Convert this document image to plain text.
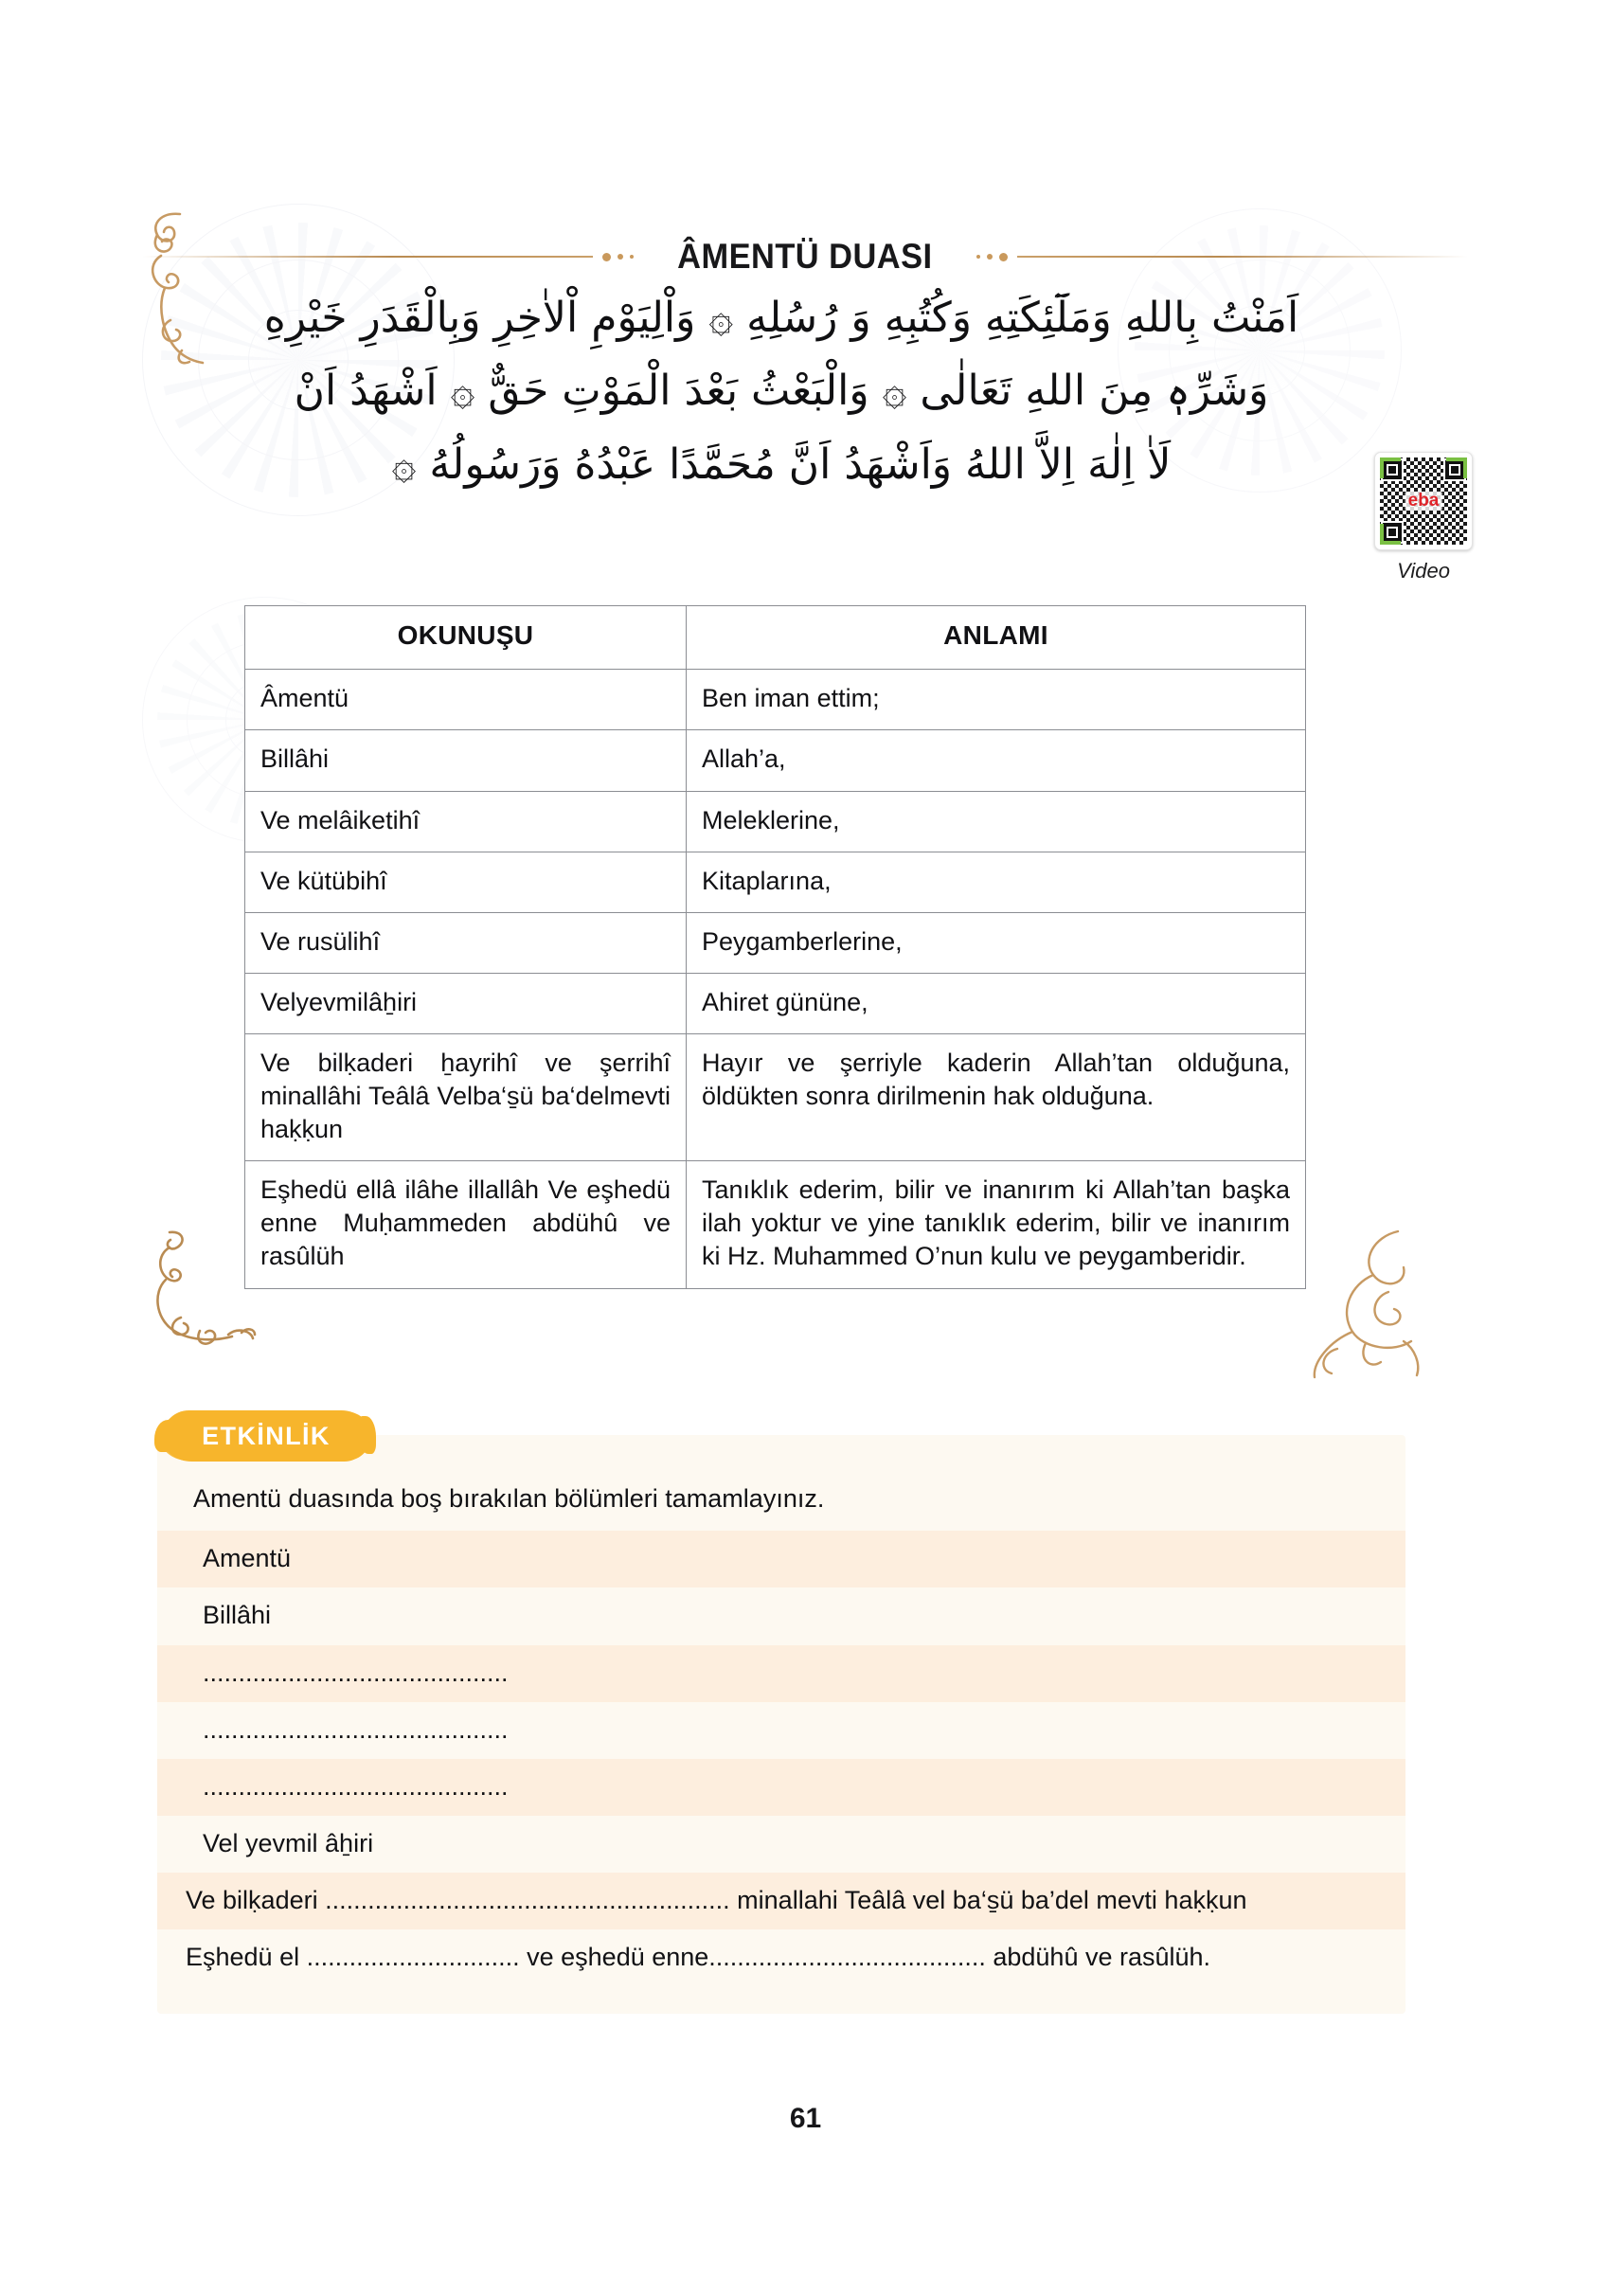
ÂMENTÜ DUASI
اَمَنْتُ بِاللهِ وَمَلَٓئِكَتِهِ وَكُتُبِهِ وَ رُسُلِهِ ۞ وَاْلِيَوْمِ اْلاٰخِرِ وَبِالْقَدَرِ خَيْرِهِ
وَشَرِّهٖ مِنَ اللهِ تَعَالٰى ۞ وَالْبَعْثُ بَعْدَ الْمَوْتِ حَقٌّ ۞ اَشْهَدُ اَنْ
لَاٰ اِلٰهَ اِلاَّ اللهُ وَاَشْهَدُ اَنَّ مُحَمَّدًا عَبْدُهُ وَرَسُولُهُ ۞
eba
Video
OKUNUŞU	ANLAMI
Âmentü	Ben iman ettim;
Billâhi	Allah’a,
Ve melâiketihî	Meleklerine,
Ve kütübihî	Kitaplarına,
Ve rusülihî	Peygamberlerine,
Velyevmilâẖiri	Ahiret gününe,
Ve bilḳaderi ẖayrihî ve şerrihî minallâhi Teâlâ Velba‘s̱ü ba‘delmevti haḳḳun	Hayır ve şerriyle kaderin Allah’tan olduğuna, öldükten sonra dirilmenin hak olduğuna.
Eşhedü ellâ ilâhe illallâh Ve eşhedü enne Muḥammeden abdühû ve rasûlüh	Tanıklık ederim, bilir ve inanırım ki Allah’tan başka ilah yoktur ve yine tanıklık ederim, bilir ve inanırım ki Hz. Muhammed O’nun kulu ve peygamberidir.
Amentü duasında boş bırakılan bölümleri tamamlayınız.
Amentü
Billâhi
...........................................
...........................................
...........................................
Vel yevmil âẖiri
Ve bilḳaderi ......................................................... minallahi Teâlâ vel ba‘s̱ü ba’del mevti haḳḳun
Eşhedü el .............................. ve eşhedü enne....................................... abdühû ve rasûlüh.
ETKİNLİK
61
